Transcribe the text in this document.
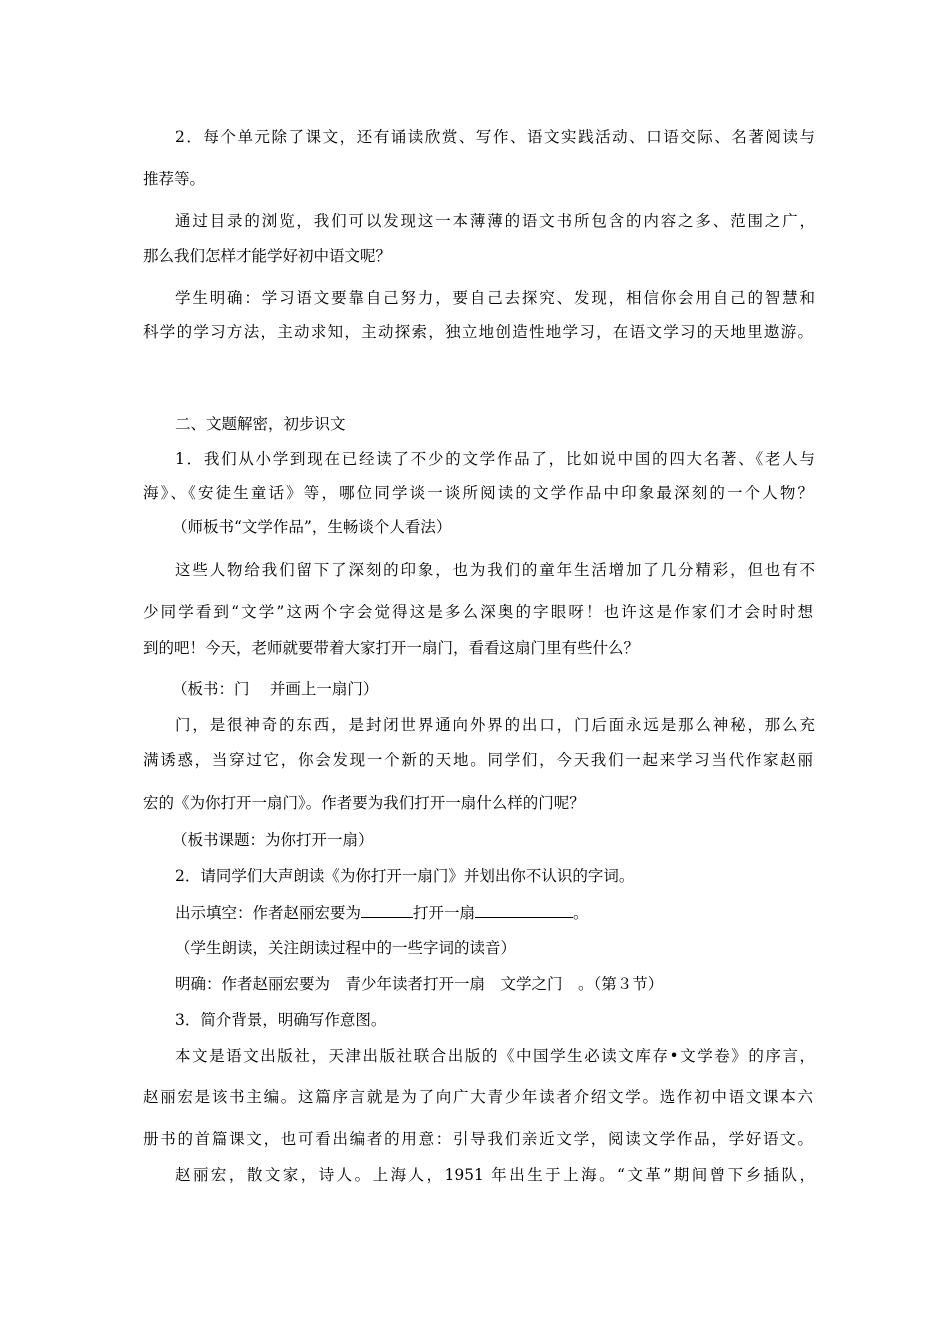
2．每个单元除了课文，还有诵读欣赏、写作、语文实践活动、口语交际、名著阅读与
推荐等。
通过目录的浏览，我们可以发现这一本薄薄的语文书所包含的内容之多、范围之广，
那么我们怎样才能学好初中语文呢？
学生明确：学习语文要靠自己努力，要自己去探究、发现，相信你会用自己的智慧和
科学的学习方法，主动求知，主动探索，独立地创造性地学习，在语文学习的天地里遨游。
二、文题解密，初步识文
1．我们从小学到现在已经读了不少的文学作品了，比如说中国的四大名著、《老人与
海》、《安徒生童话》等，哪位同学谈一谈所阅读的文学作品中印象最深刻的一个人物？
（师板书“文学作品”，生畅谈个人看法）
这些人物给我们留下了深刻的印象，也为我们的童年生活增加了几分精彩，但也有不
少同学看到“文学”这两个字会觉得这是多么深奥的字眼呀！也许这是作家们才会时时想
到的吧！今天，老师就要带着大家打开一扇门，看看这扇门里有些什么？
（板书：门　 并画上一扇门）
门，是很神奇的东西，是封闭世界通向外界的出口，门后面永远是那么神秘，那么充
满诱惑，当穿过它，你会发现一个新的天地。同学们，今天我们一起来学习当代作家赵丽
宏的《为你打开一扇门》。作者要为我们打开一扇什么样的门呢？
（板书课题：为你打开一扇）
2．请同学们大声朗读《为你打开一扇门》并划出你不认识的字词。
出示填空：作者赵丽宏要为	打开一扇	。
（学生朗读，关注朗读过程中的一些字词的读音）
明确：作者赵丽宏要为　青少年读者打开一扇　文学之门　。（第３节）
3．简介背景，明确写作意图。
本文是语文出版社，天津出版社联合出版的《中国学生必读文库存•文学卷》的序言，
赵丽宏是该书主编。这篇序言就是为了向广大青少年读者介绍文学。选作初中语文课本六
册书的首篇课文，也可看出编者的用意：引导我们亲近文学，阅读文学作品，学好语文。
赵丽宏，散文家，诗人。上海人，1951 年出生于上海。“文革”期间曾下乡插队，
